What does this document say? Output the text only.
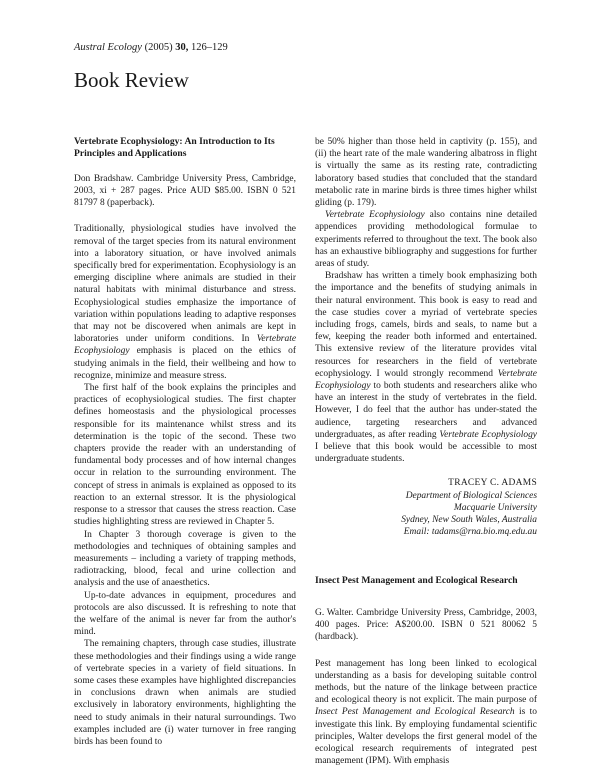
Austral Ecology (2005) 30, 126–129
Book Review

Vertebrate Ecophysiology: An Introduction to Its Principles and Applications

Don Bradshaw. Cambridge University Press, Cambridge, 2003, xi + 287 pages. Price AUD $85.00. ISBN 0 521 81797 8 (paperback).

Traditionally, physiological studies have involved the removal of the target species from its natural environment into a laboratory situation, or have involved animals specifically bred for experimentation. Ecophysiology is an emerging discipline where animals are studied in their natural habitats with minimal disturbance and stress. Ecophysiological studies emphasize the importance of variation within populations leading to adaptive responses that may not be discovered when animals are kept in laboratories under uniform conditions. In Vertebrate Ecophysiology emphasis is placed on the ethics of studying animals in the field, their wellbeing and how to recognize, minimize and measure stress.

The first half of the book explains the principles and practices of ecophysiological studies. The first chapter defines homeostasis and the physiological processes responsible for its maintenance whilst stress and its determination is the topic of the second. These two chapters provide the reader with an understanding of fundamental body processes and of how internal changes occur in relation to the surrounding environment. The concept of stress in animals is explained as opposed to its reaction to an external stressor. It is the physiological response to a stressor that causes the stress reaction. Case studies highlighting stress are reviewed in Chapter 5.

In Chapter 3 thorough coverage is given to the methodologies and techniques of obtaining samples and measurements – including a variety of trapping methods, radiotracking, blood, fecal and urine collection and analysis and the use of anaesthetics.

Up-to-date advances in equipment, procedures and protocols are also discussed. It is refreshing to note that the welfare of the animal is never far from the author's mind.

The remaining chapters, through case studies, illustrate these methodologies and their findings using a wide range of vertebrate species in a variety of field situations. In some cases these examples have highlighted discrepancies in conclusions drawn when animals are studied exclusively in laboratory environments, highlighting the need to study animals in their natural surroundings. Two examples included are (i) water turnover in free ranging birds has been found to

be 50% higher than those held in captivity (p. 155), and (ii) the heart rate of the male wandering albatross in flight is virtually the same as its resting rate, contradicting laboratory based studies that concluded that the standard metabolic rate in marine birds is three times higher whilst gliding (p. 179).

Vertebrate Ecophysiology also contains nine detailed appendices providing methodological formulae to experiments referred to throughout the text. The book also has an exhaustive bibliography and suggestions for further areas of study.

Bradshaw has written a timely book emphasizing both the importance and the benefits of studying animals in their natural environment. This book is easy to read and the case studies cover a myriad of vertebrate species including frogs, camels, birds and seals, to name but a few, keeping the reader both informed and entertained. This extensive review of the literature provides vital resources for researchers in the field of vertebrate ecophysiology. I would strongly recommend Vertebrate Ecophysiology to both students and researchers alike who have an interest in the study of vertebrates in the field. However, I do feel that the author has under-stated the audience, targeting researchers and advanced undergraduates, as after reading Vertebrate Ecophysiology I believe that this book would be accessible to most undergraduate students.

TRACEY C. ADAMS
Department of Biological Sciences
Macquarie University
Sydney, New South Wales, Australia
Email: tadams@rna.bio.mq.edu.au

Insect Pest Management and Ecological Research

G. Walter. Cambridge University Press, Cambridge, 2003, 400 pages. Price: A$200.00. ISBN 0 521 80062 5 (hardback).

Pest management has long been linked to ecological understanding as a basis for developing suitable control methods, but the nature of the linkage between practice and ecological theory is not explicit. The main purpose of Insect Pest Management and Ecological Research is to investigate this link. By employing fundamental scientific principles, Walter develops the first general model of the ecological research requirements of integrated pest management (IPM). With emphasis
